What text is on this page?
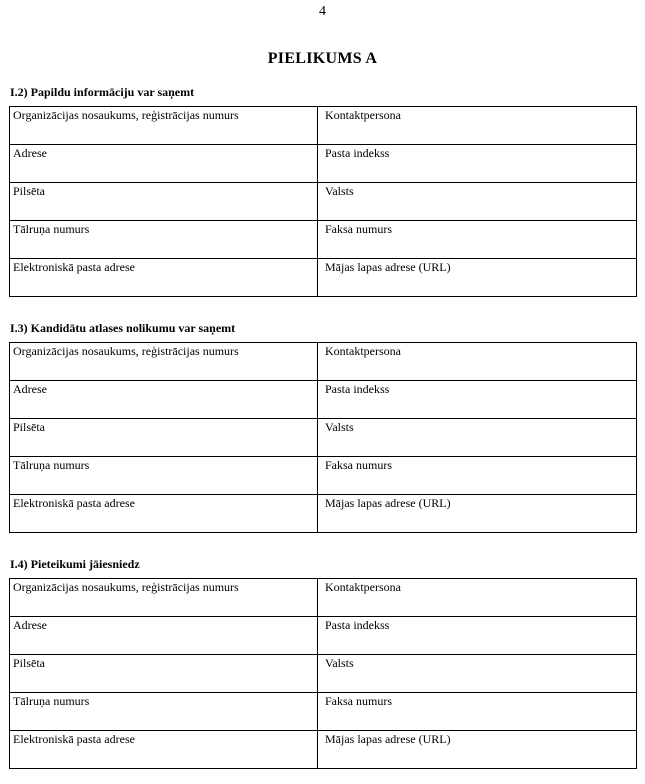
4
PIELIKUMS A
I.2) Papildu informāciju var saņemt
Organizācijas nosaukums, reģistrācijas numurs	Kontaktpersona
Adrese	Pasta indekss
Pilsēta	Valsts
Tālruņa numurs	Faksa numurs
Elektroniskā pasta adrese	Mājas lapas adrese (URL)
I.3) Kandidātu atlases nolikumu var saņemt
Organizācijas nosaukums, reģistrācijas numurs	Kontaktpersona
Adrese	Pasta indekss
Pilsēta	Valsts
Tālruņa numurs	Faksa numurs
Elektroniskā pasta adrese	Mājas lapas adrese (URL)
I.4) Pieteikumi jāiesniedz
Organizācijas nosaukums, reģistrācijas numurs	Kontaktpersona
Adrese	Pasta indekss
Pilsēta	Valsts
Tālruņa numurs	Faksa numurs
Elektroniskā pasta adrese	Mājas lapas adrese (URL)
